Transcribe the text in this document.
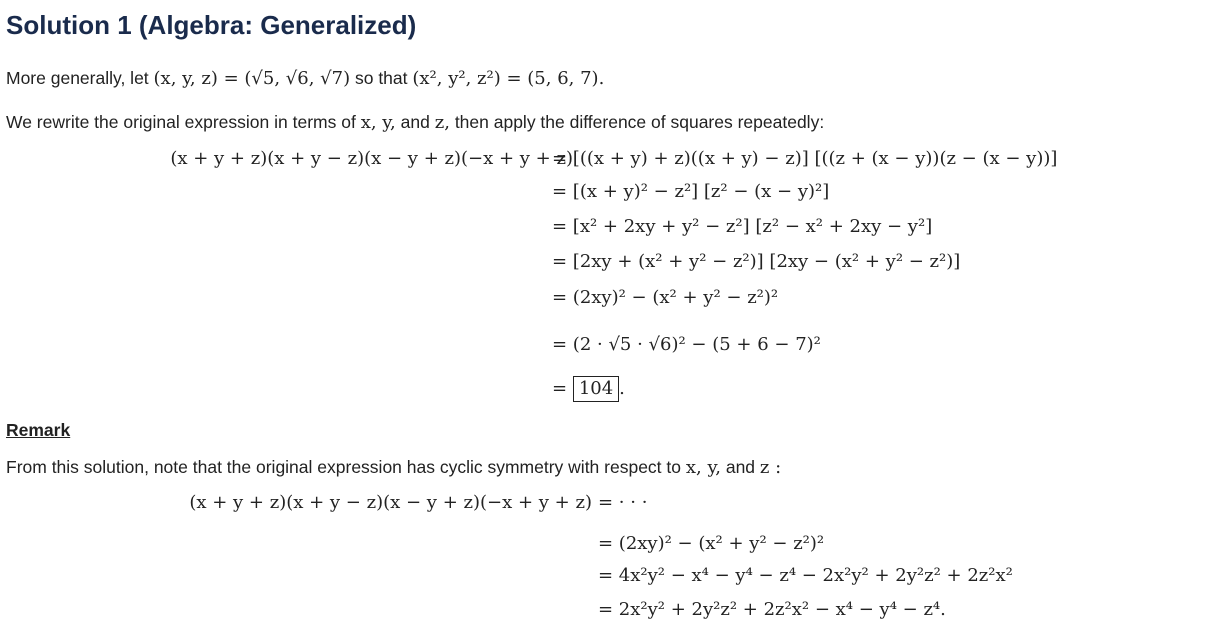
Solution 1 (Algebra: Generalized)

More generally, let (x, y, z) = (√5, √6, √7) so that (x², y², z²) = (5, 6, 7).

We rewrite the original expression in terms of x, y, and z, then apply the difference of squares repeatedly:

(x + y + z)(x + y − z)(x − y + z)(−x + y + z)
= [((x + y) + z)((x + y) − z)] [((z + (x − y))(z − (x − y))]
= [(x + y)² − z²] [z² − (x − y)²]
= [x² + 2xy + y² − z²] [z² − x² + 2xy − y²]
= [2xy + (x² + y² − z²)] [2xy − (x² + y² − z²)]
= (2xy)² − (x² + y² − z²)²
= (2 · √5 · √6)² − (5 + 6 − 7)²
= 104 .

Remark

From this solution, note that the original expression has cyclic symmetry with respect to x, y, and z :

(x + y + z)(x + y − z)(x − y + z)(−x + y + z) = · · ·
= (2xy)² − (x² + y² − z²)²
= 4x²y² − x⁴ − y⁴ − z⁴ − 2x²y² + 2y²z² + 2z²x²
= 2x²y² + 2y²z² + 2z²x² − x⁴ − y⁴ − z⁴.
